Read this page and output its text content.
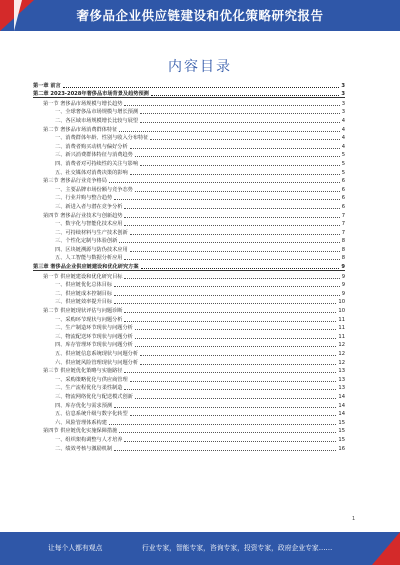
奢侈品企业供应链建设和优化策略研究报告
内容目录
第一章 前言	3
第二章 2023-2028年奢侈品市场背景及趋势预测	3
第一节 奢侈品市场规模与增长趋势	3
一、全球奢侈品市场规模与增长预测	3
二、各区域市场规模增长比较与展望	4
第二节 奢侈品市场消费群体特征	4
一、消费群体年龄、性别与收入分布特征	4
二、消费者购买动机与偏好分析	4
三、新兴消费群体特征与消费趋势	5
四、消费者对可持续性的关注与影响	5
五、社交媒体对消费决策的影响	5
第三节 奢侈品行业竞争格局	6
一、主要品牌市场份额与竞争态势	6
二、行业并购与整合趋势	6
三、新进入者与潜在竞争分析	6
第四节 奢侈品行业技术与创新趋势	7
一、数字化与智能化技术应用	7
二、可持续材料与生产技术创新	7
三、个性化定制与体验创新	8
四、区块链溯源与防伪技术应用	8
五、人工智能与数据分析应用	8
第三章 奢侈品企业供应链建设和优化研究方案	9
第一节 供应链建设和优化研究目标	9
一、供应链优化总体目标	9
二、供应链成本控制目标	9
三、供应链效率提升目标	10
第二节 供应链现状评估与问题诊断	10
一、采购环节现状与问题分析	11
二、生产制造环节现状与问题分析	11
三、物流配送环节现状与问题分析	11
四、库存管理环节现状与问题分析	12
五、供应链信息系统现状与问题分析	12
六、供应链风险管理现状与问题分析	12
第三节 供应链优化策略与实施路径	13
一、采购策略优化与供应商管理	13
二、生产流程优化与柔性制造	13
三、物流网络优化与配送模式创新	14
四、库存优化与需求预测	14
五、信息系统升级与数字化转型	14
六、风险管理体系构建	15
第四节 供应链优化实施保障措施	15
一、组织架构调整与人才培养	15
二、绩效考核与激励机制	16
1
让每个人都有观点	行业专家，智能专家，咨询专家，投资专家，政府企业专家……
